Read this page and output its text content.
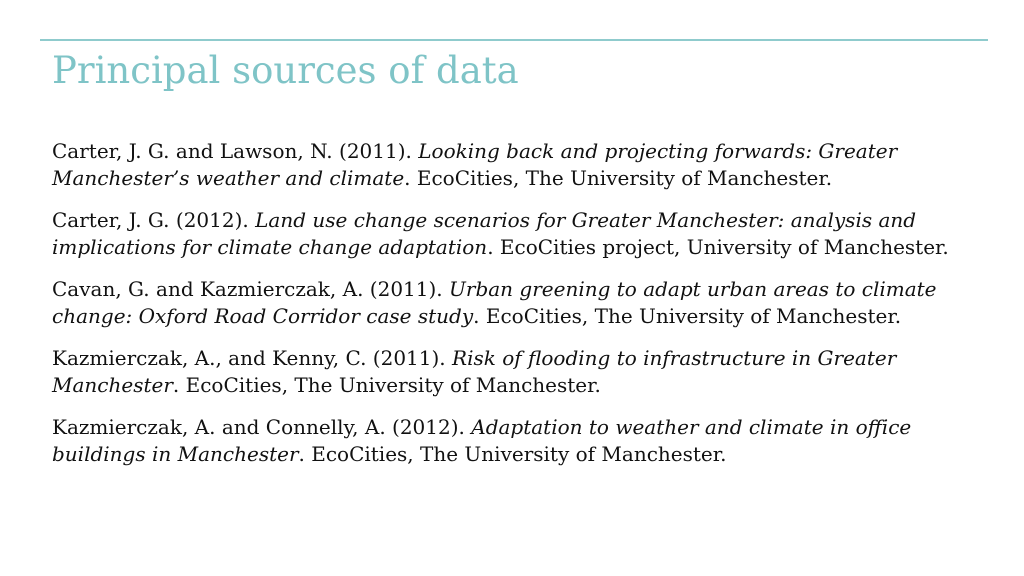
Principal sources of data
Carter, J. G. and Lawson, N. (2011). Looking back and projecting forwards: Greater Manchester’s weather and climate. EcoCities, The University of Manchester.
Carter, J. G. (2012). Land use change scenarios for Greater Manchester: analysis and implications for climate change adaptation. EcoCities project, University of Manchester.
Cavan, G. and Kazmierczak, A. (2011). Urban greening to adapt urban areas to climate change: Oxford Road Corridor case study. EcoCities, The University of Manchester.
Kazmierczak, A., and Kenny, C. (2011). Risk of flooding to infrastructure in Greater Manchester. EcoCities, The University of Manchester.
Kazmierczak, A. and Connelly, A. (2012). Adaptation to weather and climate in office buildings in Manchester. EcoCities, The University of Manchester.
